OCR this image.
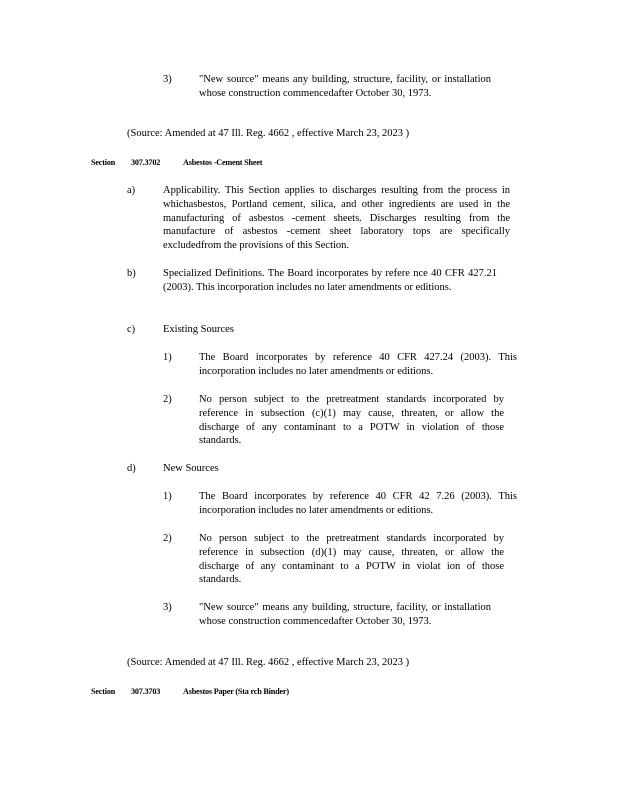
3)	"New source" means any building, structure, facility, or installation whose construction commencedafter October 30, 1973.

(Source: Amended at 47 Ill. Reg. 4662 , effective March 23, 2023 )

Section 307.3702	Asbestos -Cement Sheet
a)	Applicability. This Section applies to discharges resulting from the process in whichasbestos, Portland cement, silica, and other ingredients are used in the manufacturing of asbestos -cement sheets. Discharges resulting from the manufacture of asbestos -cement sheet laboratory tops are specifically excludedfrom the provisions of this Section.

b)	Specialized Definitions. The Board incorporates by refere nce 40 CFR 427.21 (2003). This incorporation includes no later amendments or editions.

c)	Existing Sources
1)	The Board incorporates by reference 40 CFR 427.24 (2003). This incorporation includes no later amendments or editions.

2)	No person subject to the pretreatment standards incorporated by reference in subsection (c)(1) may cause, threaten, or allow the discharge of any contaminant to a POTW in violation of those standards.

d)	New Sources
1)	The Board incorporates by reference 40 CFR 42 7.26 (2003). This incorporation includes no later amendments or editions.

2)	No person subject to the pretreatment standards incorporated by reference in subsection (d)(1) may cause, threaten, or allow the discharge of any contaminant to a POTW in violat ion of those standards.

3)	"New source" means any building, structure, facility, or installation whose construction commencedafter October 30, 1973.

(Source: Amended at 47 Ill. Reg. 4662 , effective March 23, 2023 )

Section 307.3703	Asbestos Paper (Sta rch Binder)
